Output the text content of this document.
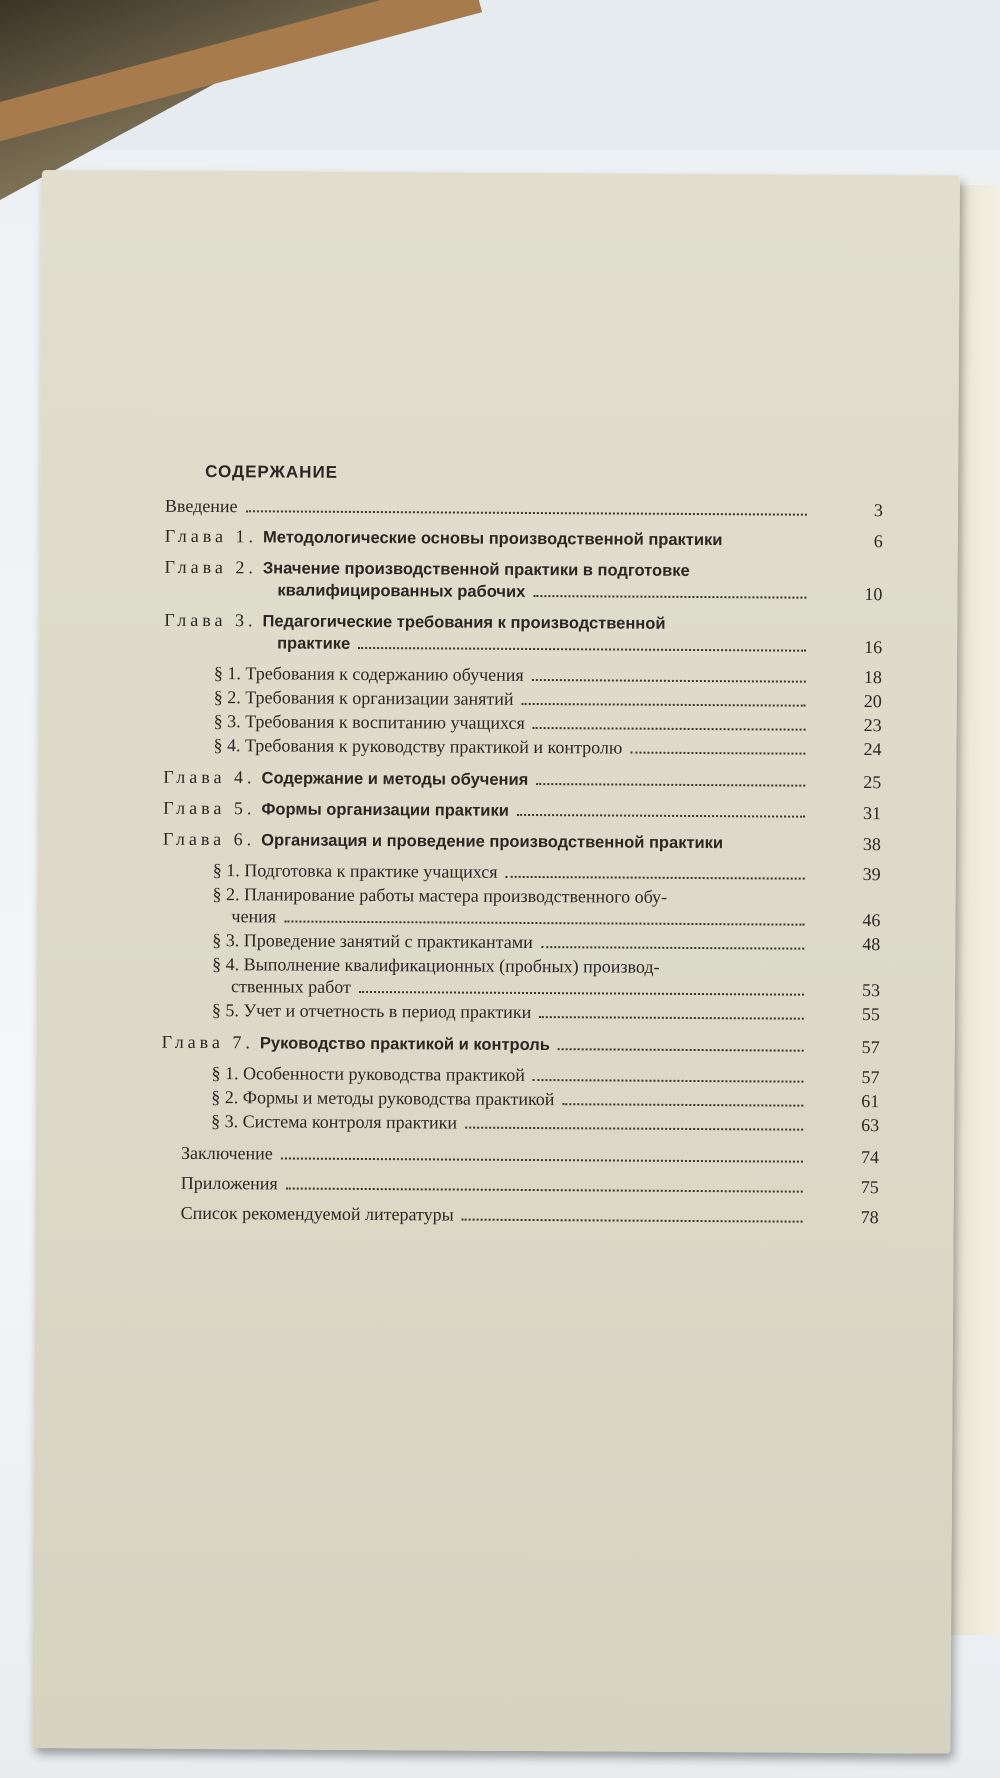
СОДЕРЖАНИЕ
Введение	3
Глава 1. Методологические основы производственной практики	6
Глава 2. Значение производственной практики в подготовке
квалифицированных рабочих	10
Глава 3. Педагогические требования к производственной
практике	16
§ 1. Требования к содержанию обучения	18
§ 2. Требования к организации занятий	20
§ 3. Требования к воспитанию учащихся	23
§ 4. Требования к руководству практикой и контролю	24
Глава 4. Содержание и методы обучения	25
Глава 5. Формы организации практики	31
Глава 6. Организация и проведение производственной практики	38
§ 1. Подготовка к практике учащихся	39
§ 2. Планирование работы мастера производственного обу-
чения	46
§ 3. Проведение занятий с практикантами	48
§ 4. Выполнение квалификационных (пробных) производ-
ственных работ	53
§ 5. Учет и отчетность в период практики	55
Глава 7. Руководство практикой и контроль	57
§ 1. Особенности руководства практикой	57
§ 2. Формы и методы руководства практикой	61
§ 3. Система контроля практики	63
Заключение	74
Приложения	75
Список рекомендуемой литературы	78
